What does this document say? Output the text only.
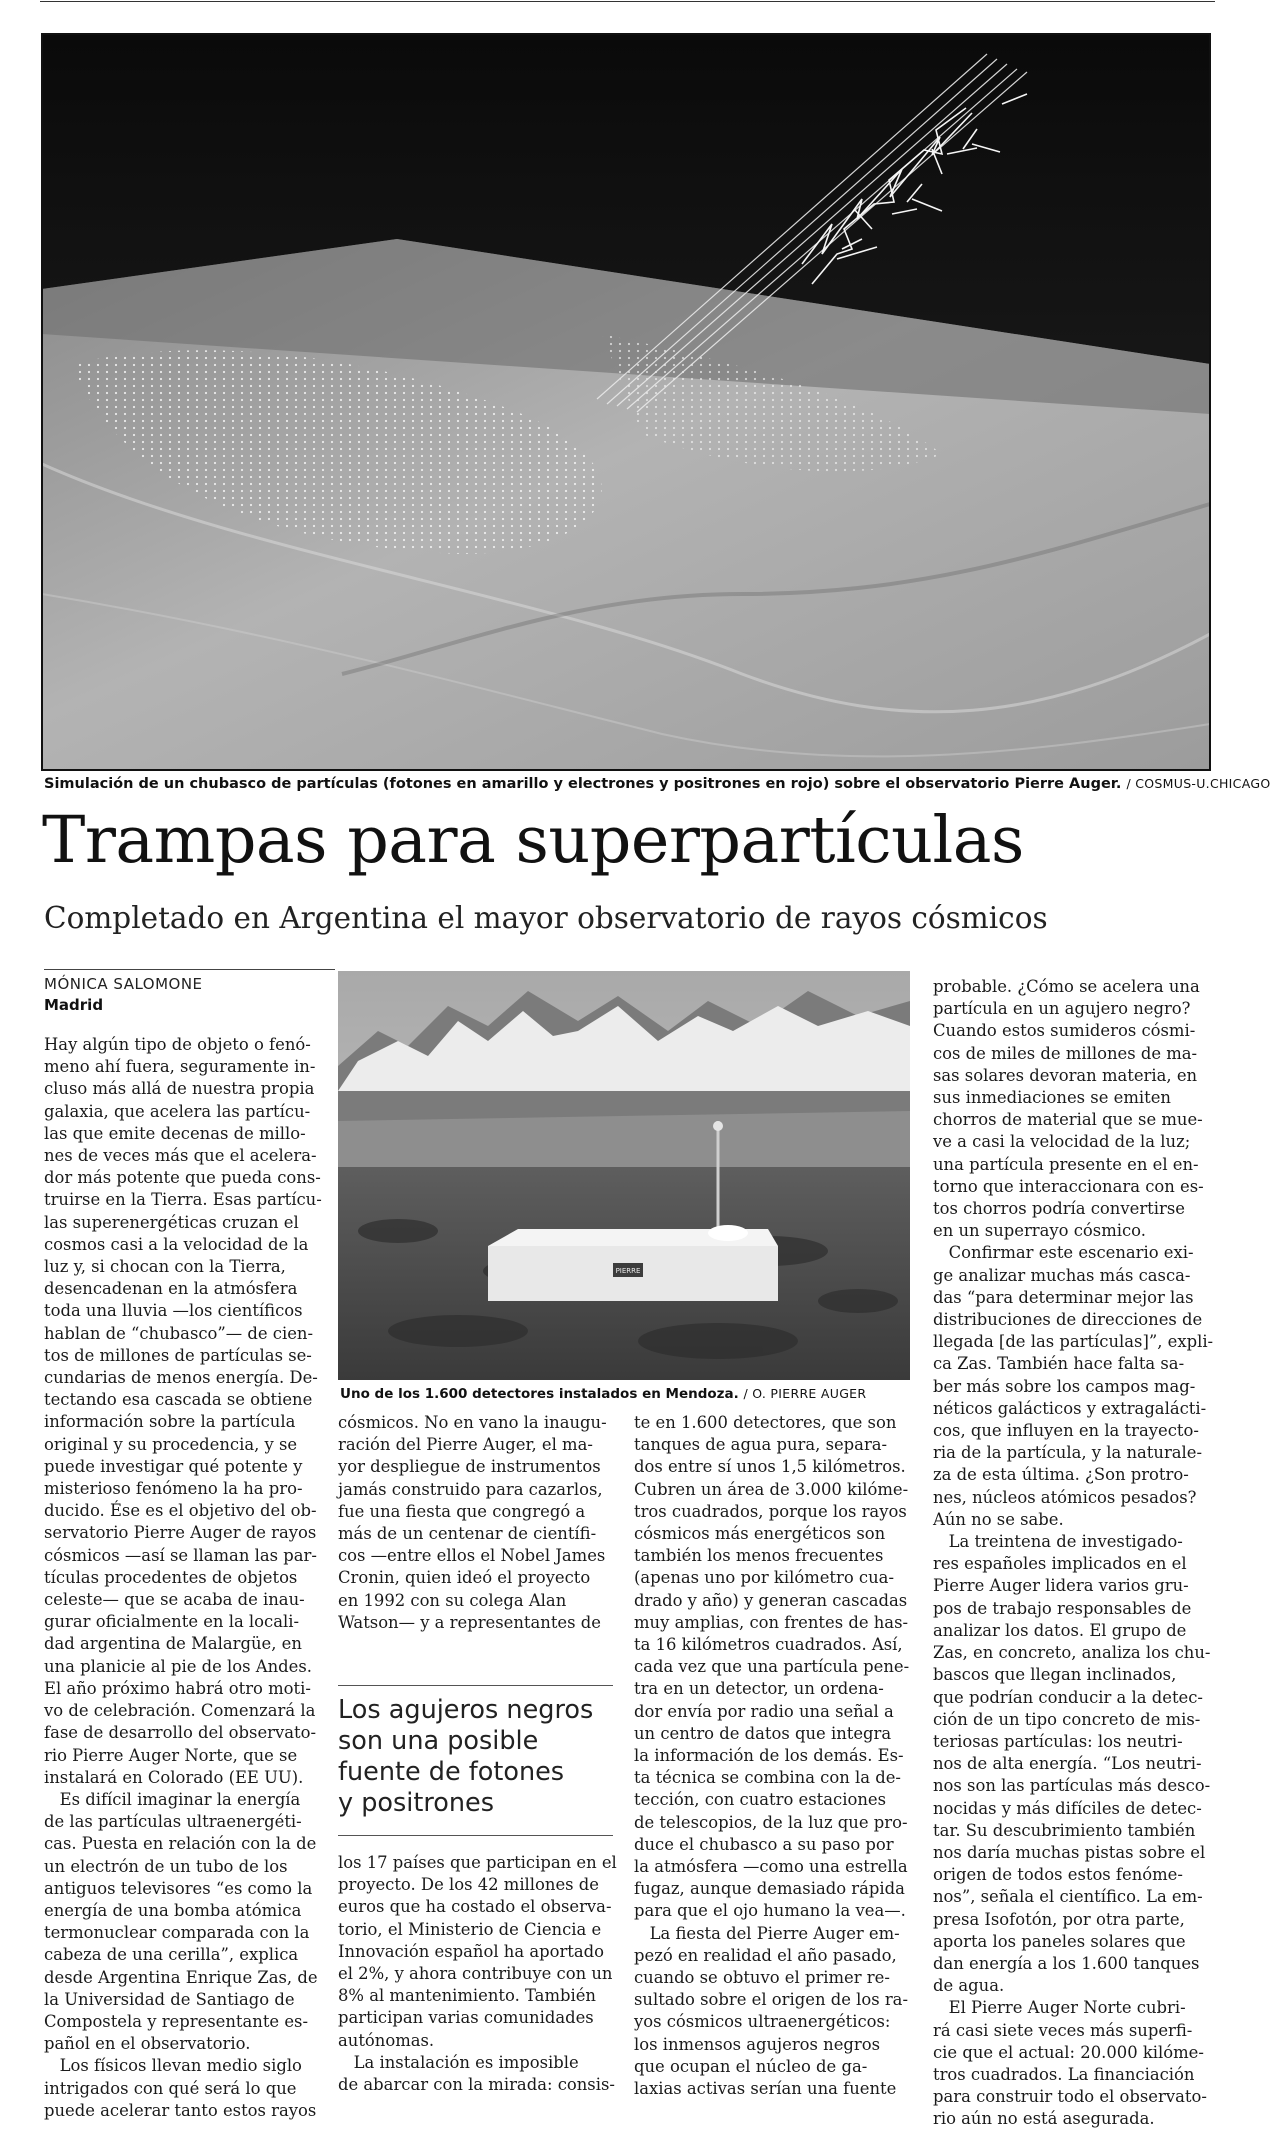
Simulación de un chubasco de partículas (fotones en amarillo y electrones y positrones en rojo) sobre el observatorio Pierre Auger. / COSMUS-U.CHICAGO
Trampas para superpartículas
Completado en Argentina el mayor observatorio de rayos cósmicos
MÓNICA SALOMONE
Madrid
Hay algún tipo de objeto o fenó-
meno ahí fuera, seguramente in-
cluso más allá de nuestra propia
galaxia, que acelera las partícu-
las que emite decenas de millo-
nes de veces más que el acelera-
dor más potente que pueda cons-
truirse en la Tierra. Esas partícu-
las superenergéticas cruzan el
cosmos casi a la velocidad de la
luz y, si chocan con la Tierra,
desencadenan en la atmósfera
toda una lluvia —los científicos
hablan de “chubasco”— de cien-
tos de millones de partículas se-
cundarias de menos energía. De-
tectando esa cascada se obtiene
información sobre la partícula
original y su procedencia, y se
puede investigar qué potente y
misterioso fenómeno la ha pro-
ducido. Ése es el objetivo del ob-
servatorio Pierre Auger de rayos
cósmicos —así se llaman las par-
tículas procedentes de objetos
celeste— que se acaba de inau-
gurar oficialmente en la locali-
dad argentina de Malargüe, en
una planicie al pie de los Andes.
El año próximo habrá otro moti-
vo de celebración. Comenzará la
fase de desarrollo del observato-
rio Pierre Auger Norte, que se
instalará en Colorado (EE UU).
Es difícil imaginar la energía
de las partículas ultraenergéti-
cas. Puesta en relación con la de
un electrón de un tubo de los
antiguos televisores “es como la
energía de una bomba atómica
termonuclear comparada con la
cabeza de una cerilla”, explica
desde Argentina Enrique Zas, de
la Universidad de Santiago de
Compostela y representante es-
pañol en el observatorio.
Los físicos llevan medio siglo
intrigados con qué será lo que
puede acelerar tanto estos rayos
PIERRE
Uno de los 1.600 detectores instalados en Mendoza. / O. PIERRE AUGER
cósmicos. No en vano la inaugu-
ración del Pierre Auger, el ma-
yor despliegue de instrumentos
jamás construido para cazarlos,
fue una fiesta que congregó a
más de un centenar de científi-
cos —entre ellos el Nobel James
Cronin, quien ideó el proyecto
en 1992 con su colega Alan
Watson— y a representantes de
Los agujeros negros
son una posible
fuente de fotones
y positrones
los 17 países que participan en el
proyecto. De los 42 millones de
euros que ha costado el observa-
torio, el Ministerio de Ciencia e
Innovación español ha aportado
el 2%, y ahora contribuye con un
8% al mantenimiento. También
participan varias comunidades
autónomas.
La instalación es imposible
de abarcar con la mirada: consis-
te en 1.600 detectores, que son
tanques de agua pura, separa-
dos entre sí unos 1,5 kilómetros.
Cubren un área de 3.000 kilóme-
tros cuadrados, porque los rayos
cósmicos más energéticos son
también los menos frecuentes
(apenas uno por kilómetro cua-
drado y año) y generan cascadas
muy amplias, con frentes de has-
ta 16 kilómetros cuadrados. Así,
cada vez que una partícula pene-
tra en un detector, un ordena-
dor envía por radio una señal a
un centro de datos que integra
la información de los demás. Es-
ta técnica se combina con la de-
tección, con cuatro estaciones
de telescopios, de la luz que pro-
duce el chubasco a su paso por
la atmósfera —como una estrella
fugaz, aunque demasiado rápida
para que el ojo humano la vea—.
La fiesta del Pierre Auger em-
pezó en realidad el año pasado,
cuando se obtuvo el primer re-
sultado sobre el origen de los ra-
yos cósmicos ultraenergéticos:
los inmensos agujeros negros
que ocupan el núcleo de ga-
laxias activas serían una fuente
probable. ¿Cómo se acelera una
partícula en un agujero negro?
Cuando estos sumideros cósmi-
cos de miles de millones de ma-
sas solares devoran materia, en
sus inmediaciones se emiten
chorros de material que se mue-
ve a casi la velocidad de la luz;
una partícula presente en el en-
torno que interaccionara con es-
tos chorros podría convertirse
en un superrayo cósmico.
Confirmar este escenario exi-
ge analizar muchas más casca-
das “para determinar mejor las
distribuciones de direcciones de
llegada [de las partículas]”, expli-
ca Zas. También hace falta sa-
ber más sobre los campos mag-
néticos galácticos y extragalácti-
cos, que influyen en la trayecto-
ria de la partícula, y la naturale-
za de esta última. ¿Son protro-
nes, núcleos atómicos pesados?
Aún no se sabe.
La treintena de investigado-
res españoles implicados en el
Pierre Auger lidera varios gru-
pos de trabajo responsables de
analizar los datos. El grupo de
Zas, en concreto, analiza los chu-
bascos que llegan inclinados,
que podrían conducir a la detec-
ción de un tipo concreto de mis-
teriosas partículas: los neutri-
nos de alta energía. “Los neutri-
nos son las partículas más desco-
nocidas y más difíciles de detec-
tar. Su descubrimiento también
nos daría muchas pistas sobre el
origen de todos estos fenóme-
nos”, señala el científico. La em-
presa Isofotón, por otra parte,
aporta los paneles solares que
dan energía a los 1.600 tanques
de agua.
El Pierre Auger Norte cubri-
rá casi siete veces más superfi-
cie que el actual: 20.000 kilóme-
tros cuadrados. La financiación
para construir todo el observato-
rio aún no está asegurada.
